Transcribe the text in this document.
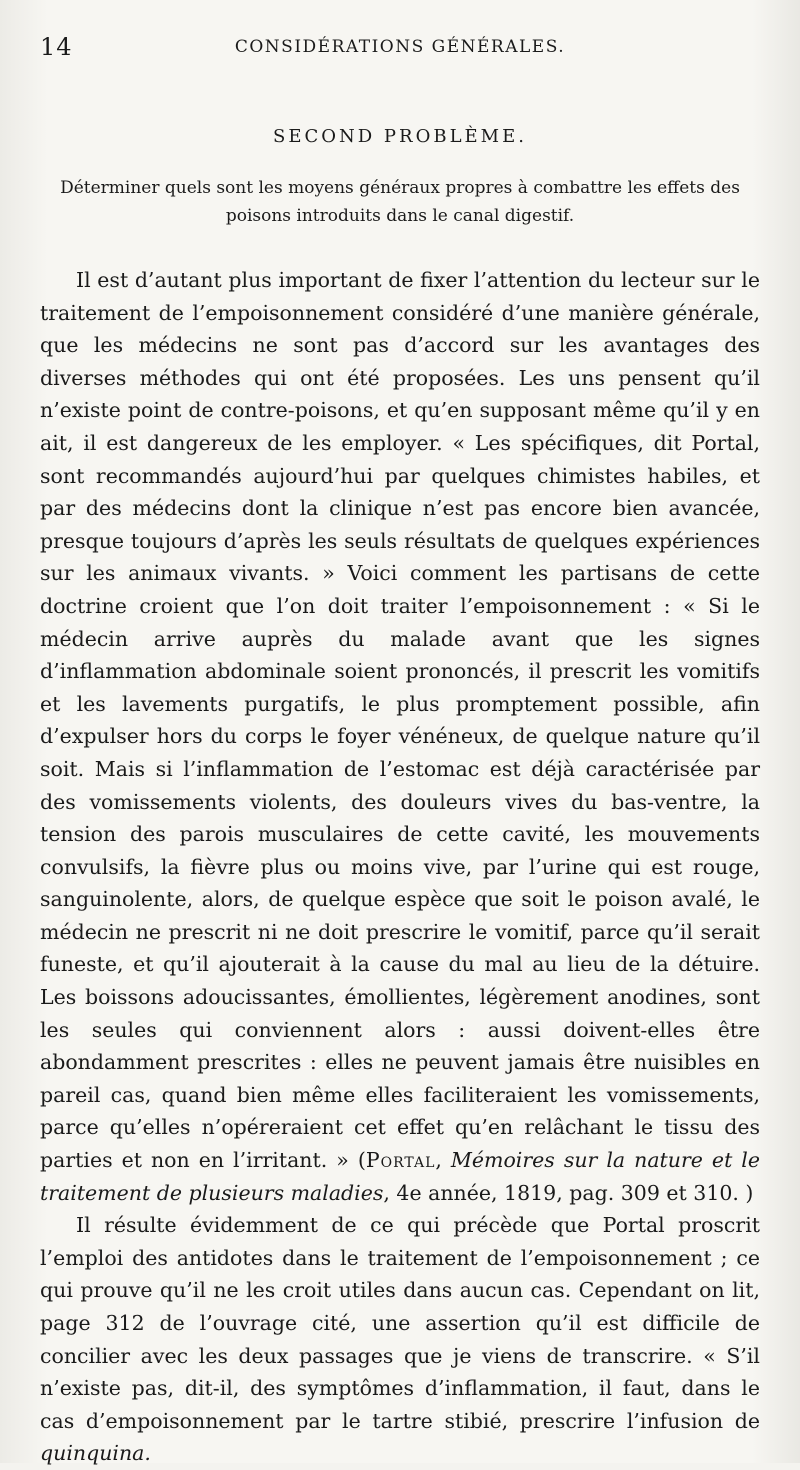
14	CONSIDÉRATIONS GÉNÉRALES.
SECOND PROBLÈME.
Déterminer quels sont les moyens généraux propres à combattre les effets des poisons introduits dans le canal digestif.

Il est d’autant plus important de fixer l’attention du lecteur sur le traitement de l’empoisonnement considéré d’une manière générale, que les médecins ne sont pas d’accord sur les avantages des diverses méthodes qui ont été proposées. Les uns pensent qu’il n’existe point de contre-poisons, et qu’en supposant même qu’il y en ait, il est dangereux de les employer. « Les spécifiques, dit Portal, sont recommandés aujourd’hui par quelques chimistes habiles, et par des médecins dont la clinique n’est pas encore bien avancée, presque toujours d’après les seuls résultats de quelques expériences sur les animaux vivants. » Voici comment les partisans de cette doctrine croient que l’on doit traiter l’empoisonnement : « Si le médecin arrive auprès du malade avant que les signes d’inflammation abdominale soient prononcés, il prescrit les vomitifs et les lavements purgatifs, le plus promptement possible, afin d’expulser hors du corps le foyer vénéneux, de quelque nature qu’il soit. Mais si l’inflammation de l’estomac est déjà caractérisée par des vomissements violents, des douleurs vives du bas-ventre, la tension des parois musculaires de cette cavité, les mouvements convulsifs, la fièvre plus ou moins vive, par l’urine qui est rouge, sanguinolente, alors, de quelque espèce que soit le poison avalé, le médecin ne prescrit ni ne doit prescrire le vomitif, parce qu’il serait funeste, et qu’il ajouterait à la cause du mal au lieu de la détuire. Les boissons adoucissantes, émollientes, légèrement anodines, sont les seules qui conviennent alors : aussi doivent-elles être abondamment prescrites : elles ne peuvent jamais être nuisibles en pareil cas, quand bien même elles faciliteraient les vomissements, parce qu’elles n’opéreraient cet effet qu’en relâchant le tissu des parties et non en l’irritant. » (Portal, Mémoires sur la nature et le traitement de plusieurs maladies, 4e année, 1819, pag. 309 et 310. )

Il résulte évidemment de ce qui précède que Portal proscrit l’emploi des antidotes dans le traitement de l’empoisonnement ; ce qui prouve qu’il ne les croit utiles dans aucun cas. Cependant on lit, page 312 de l’ouvrage cité, une assertion qu’il est difficile de concilier avec les deux passages que je viens de transcrire. « S’il n’existe pas, dit-il, des symptômes d’inflammation, il faut, dans le cas d’empoisonnement par le tartre stibié, prescrire l’infusion de quinquina.
